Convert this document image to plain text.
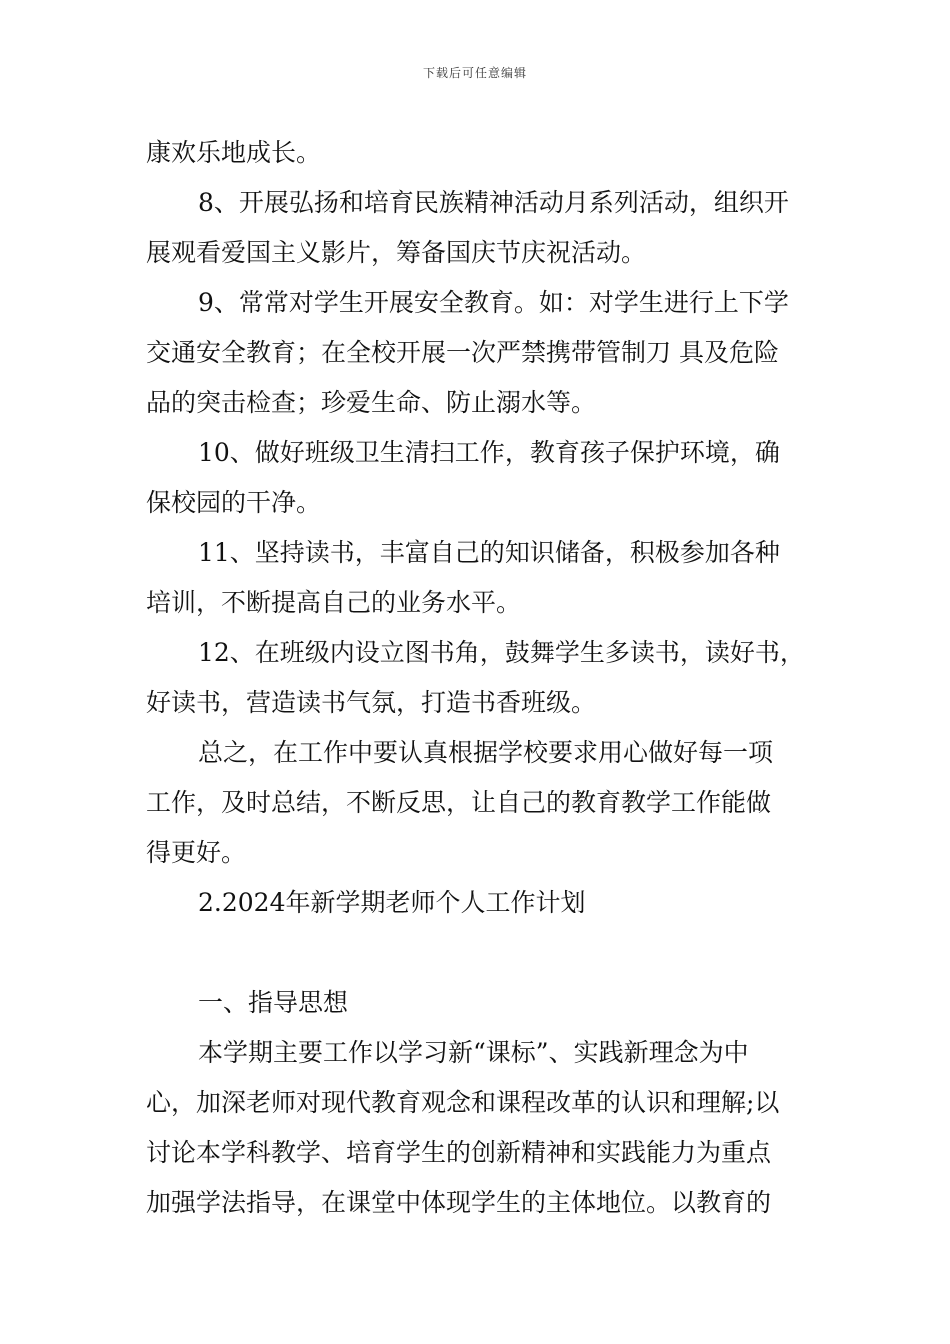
下载后可任意编辑
康欢乐地成长。
8、开展弘扬和培育民族精神活动月系列活动，组织开
展观看爱国主义影片，筹备国庆节庆祝活动。
9、常常对学生开展安全教育。如：对学生进行上下学
交通安全教育；在全校开展一次严禁携带管制刀 具及危险
品的突击检查；珍爱生命、防止溺水等。
10、做好班级卫生清扫工作，教育孩子保护环境，确
保校园的干净。
11、坚持读书，丰富自己的知识储备，积极参加各种
培训，不断提高自己的业务水平。
12、在班级内设立图书角，鼓舞学生多读书，读好书，
好读书，营造读书气氛，打造书香班级。
总之，在工作中要认真根据学校要求用心做好每一项
工作，及时总结，不断反思，让自己的教育教学工作能做
得更好。
2.2024年新学期老师个人工作计划
一、指导思想
本学期主要工作以学习新“课标”、实践新理念为中
心，加深老师对现代教育观念和课程改革的认识和理解;以
讨论本学科教学、培育学生的创新精神和实践能力为重点
加强学法指导，在课堂中体现学生的主体地位。以教育的
